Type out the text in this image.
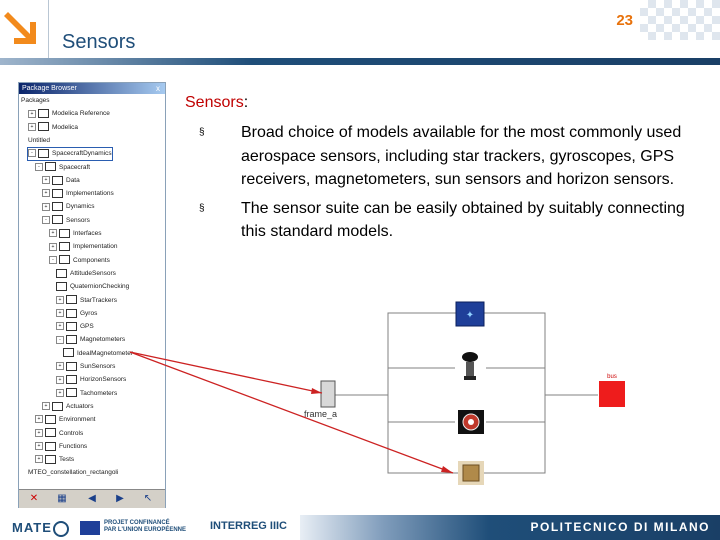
Sensors
23
Package Browser	x
Packages
+	Modelica Reference
+	Modelica
Untitled
-	SpacecraftDynamics
-	Spacecraft
+	Data
+	Implementations
+	Dynamics
-	Sensors
+	Interfaces
+	Implementation
-	Components
AttitudeSensors
QuaternionChecking
+	StarTrackers
+	Gyros
+	GPS
-	Magnetometers
IdealMagnetometer
+	SunSensors
+	HorizonSensors
+	Tachometers
+	Actuators
+	Environment
+	Controls
+	Functions
+	Tests
MTEO_constellation_rectangoli
✕ ▦	◀	▶	↖
Sensors:
§ Broad choice of models available for the most commonly used aerospace sensors, including star trackers, gyroscopes, GPS receivers, magnetometers, sun sensors and horizon sensors.
§ The sensor suite can be easily obtained by suitably connecting this standard models.
frame_a
✦
bus
MATE	PROJET CONFINANCÉ
PAR L'UNION EUROPÉENNE INTERREG IIIC	POLITECNICO DI MILANO
